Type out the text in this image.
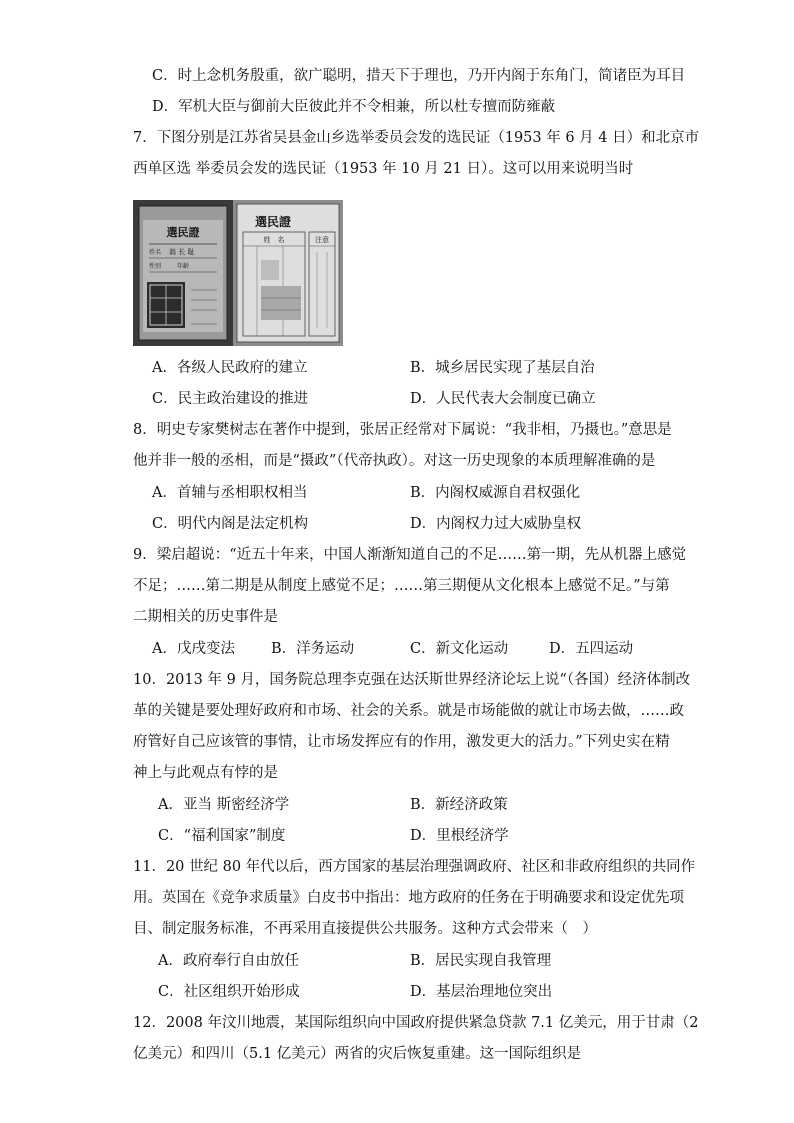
C．时上念机务殷重，欲广聪明，措天下于理也，乃开内阁于东角门，简诸臣为耳目
D．军机大臣与御前大臣彼此并不令相兼，所以杜专擅而防雍蔽
7．下图分别是江苏省吴县金山乡选举委员会发的选民证（1953 年 6 月 4 日）和北京市
西单区选 举委员会发的选民证（1953 年 10 月 21 日）。这可以用来说明当时
選民證
姓名 翁 长 耻
性別	年齡
選民證
姓　名	注意
A．各级人民政府的建立	B．城乡居民实现了基层自治
C．民主政治建设的推进	D．人民代表大会制度已确立
8．明史专家樊树志在著作中提到，张居正经常对下属说：“我非相，乃摄也。”意思是
他并非一般的丞相，而是“摄政”（代帝执政）。对这一历史现象的本质理解准确的是
A．首辅与丞相职权相当	B．内阁权威源自君权强化
C．明代内阁是法定机构	D．内阁权力过大威胁皇权
9．梁启超说：“近五十年来，中国人渐渐知道自己的不足……第一期，先从机器上感觉
不足；……第二期是从制度上感觉不足；……第三期便从文化根本上感觉不足。”与第
二期相关的历史事件是
A．戊戌变法 B．洋务运动	C．新文化运动	D．五四运动
10．2013 年 9 月，国务院总理李克强在达沃斯世界经济论坛上说“（各国）经济体制改
革的关键是要处理好政府和市场、社会的关系。就是市场能做的就让市场去做，……政
府管好自己应该管的事情，让市场发挥应有的作用，激发更大的活力。”下列史实在精
神上与此观点有悖的是
A．亚当 斯密经济学	B．新经济政策
C．“福利国家”制度	D．里根经济学
11．20 世纪 80 年代以后，西方国家的基层治理强调政府、社区和非政府组织的共同作
用。英国在《竞争求质量》白皮书中指出：地方政府的任务在于明确要求和设定优先项
目、制定服务标准，不再采用直接提供公共服务。这种方式会带来（　）
A．政府奉行自由放任	B．居民实现自我管理
C．社区组织开始形成	D．基层治理地位突出
12．2008 年汶川地震，某国际组织向中国政府提供紧急贷款 7.1 亿美元，用于甘肃（2
亿美元）和四川（5.1 亿美元）两省的灾后恢复重建。这一国际组织是
